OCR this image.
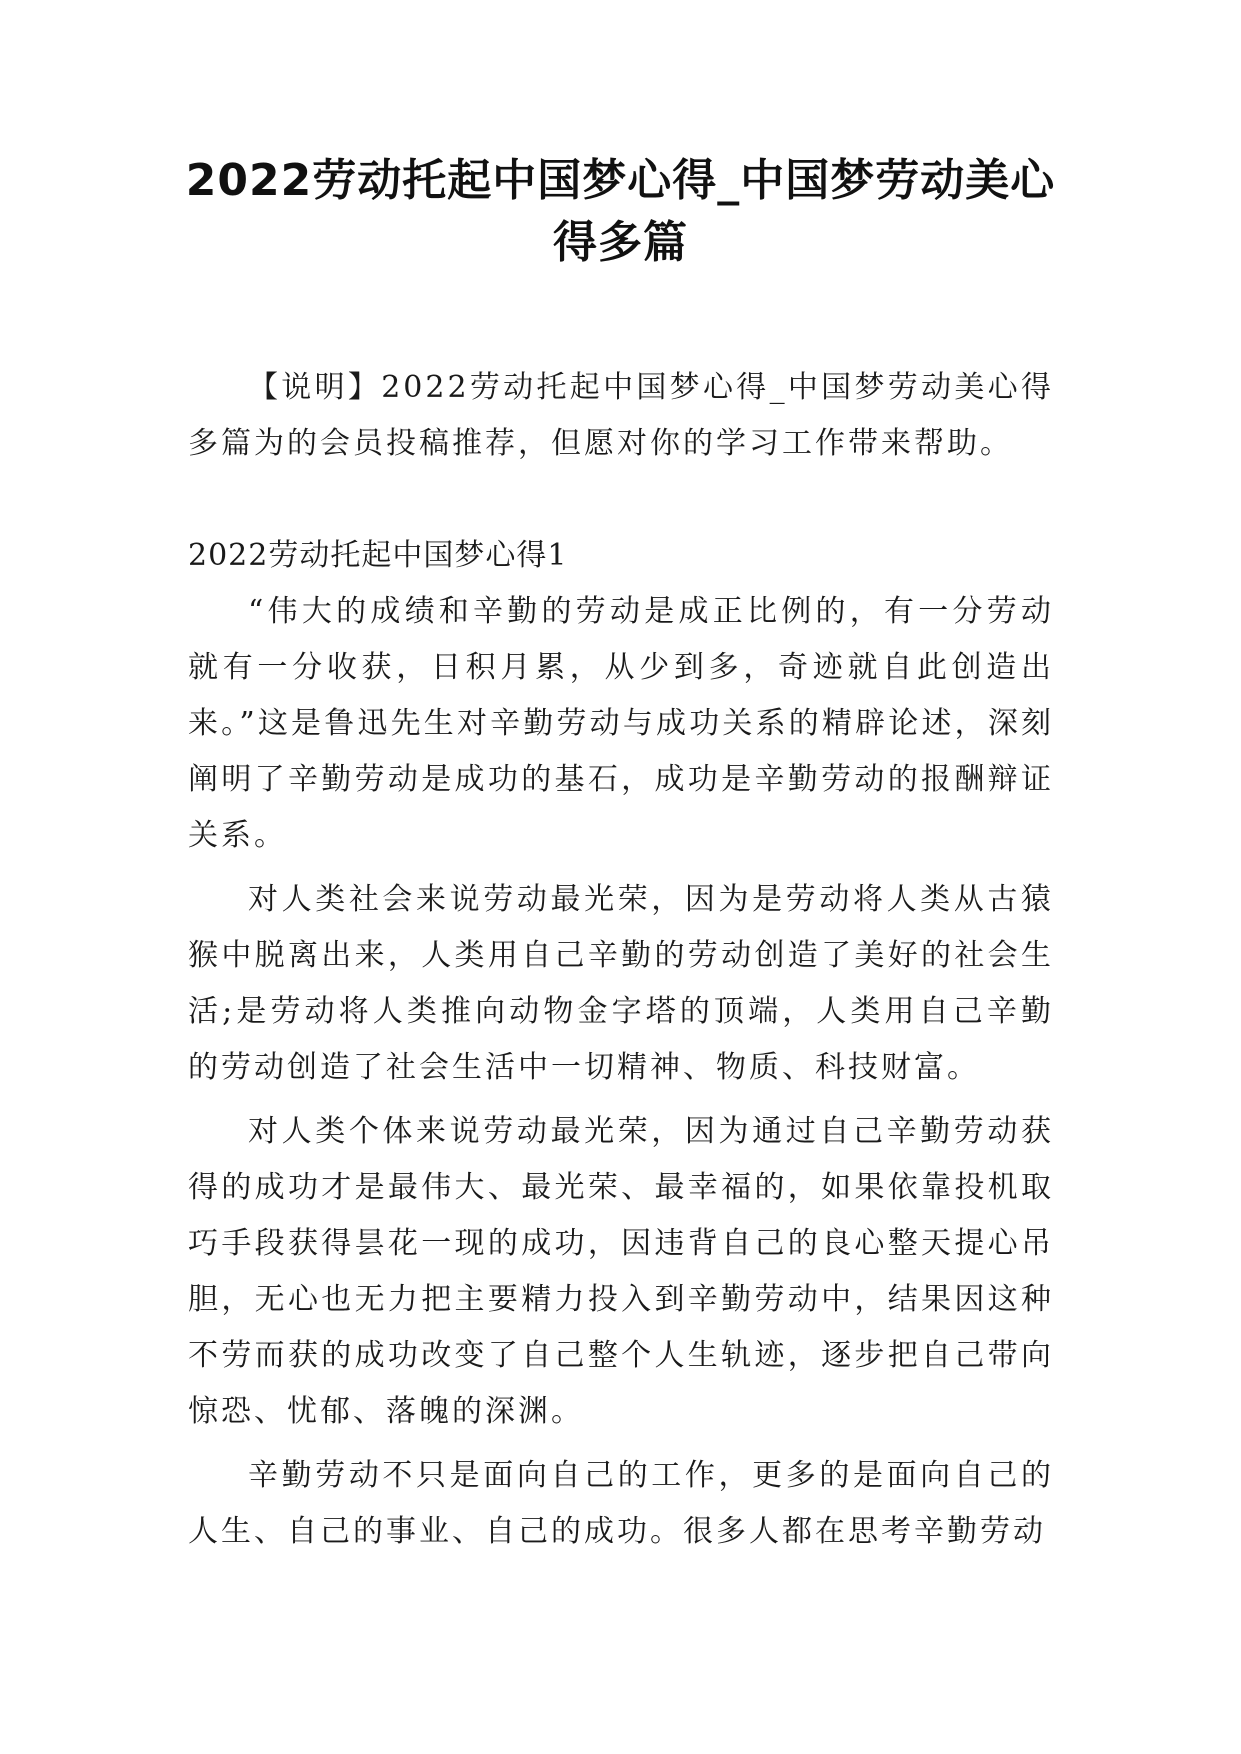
2022劳动托起中国梦心得_中国梦劳动美心得多篇

【说明】2022劳动托起中国梦心得_中国梦劳动美心得多篇为的会员投稿推荐，但愿对你的学习工作带来帮助。

2022劳动托起中国梦心得1

“伟大的成绩和辛勤的劳动是成正比例的，有一分劳动就有一分收获，日积月累，从少到多，奇迹就自此创造出来。”这是鲁迅先生对辛勤劳动与成功关系的精辟论述，深刻阐明了辛勤劳动是成功的基石，成功是辛勤劳动的报酬辩证关系。

对人类社会来说劳动最光荣，因为是劳动将人类从古猿猴中脱离出来，人类用自己辛勤的劳动创造了美好的社会生活;是劳动将人类推向动物金字塔的顶端，人类用自己辛勤的劳动创造了社会生活中一切精神、物质、科技财富。

对人类个体来说劳动最光荣，因为通过自己辛勤劳动获得的成功才是最伟大、最光荣、最幸福的，如果依靠投机取巧手段获得昙花一现的成功，因违背自己的良心整天提心吊胆，无心也无力把主要精力投入到辛勤劳动中，结果因这种不劳而获的成功改变了自己整个人生轨迹，逐步把自己带向惊恐、忧郁、落魄的深渊。

辛勤劳动不只是面向自己的工作，更多的是面向自己的人生、自己的事业、自己的成功。很多人都在思考辛勤劳动
